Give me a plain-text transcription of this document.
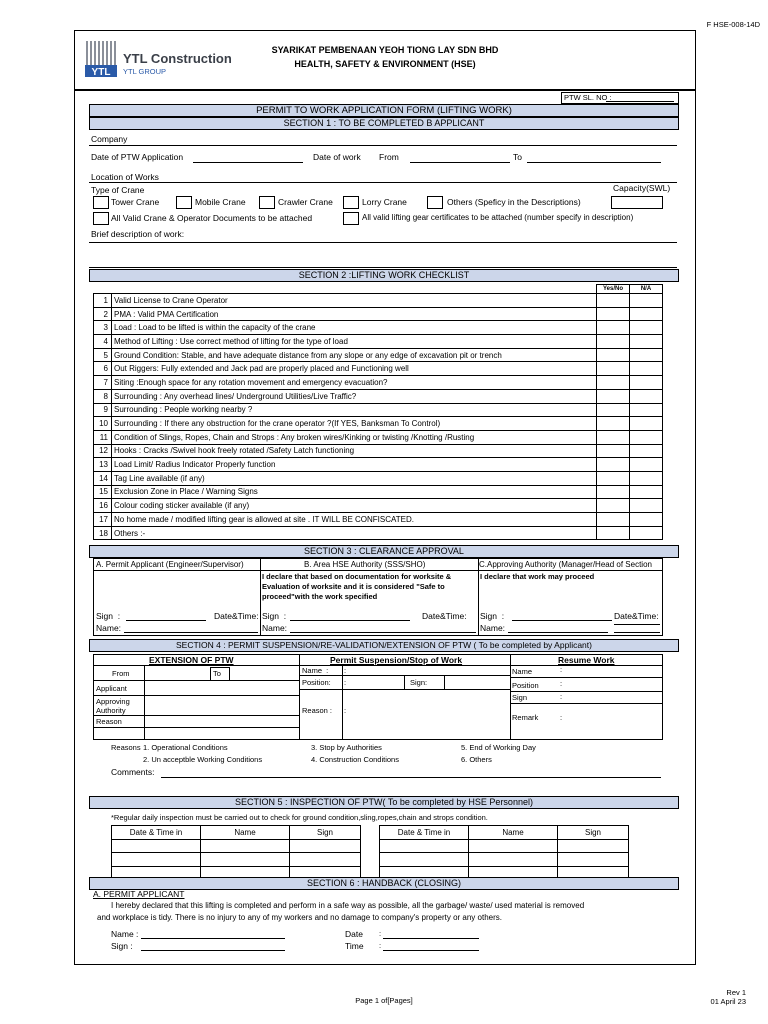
F HSE-008-14D
YTL
YTL Construction
YTL GROUP
SYARIKAT PEMBENAAN YEOH TIONG LAY SDN BHD
HEALTH, SAFETY & ENVIRONMENT (HSE)
PTW SL. NO :
PERMIT TO WORK APPLICATION FORM (LIFTING WORK)
SECTION 1 : TO BE COMPLETED B APPLICANT
Company
Date of PTW Application	Date of work From	To
Location of Works
Type of Crane	Capacity(SWL)
Tower Crane	Mobile Crane	Crawler Crane	Lorry Crane	Others (Speficy in the Descriptions)
All Valid Crane & Operator Documents to be attached	All valid lifting gear certificates to be attached (number specify in description)
Brief description of work:
SECTION 2 :LIFTING WORK CHECKLIST
		Yes/No	N/A
1	Valid License to Crane Operator		
2	PMA : Valid PMA Certification		
3	Load : Load to be lifted is within the capacity of the crane		
4	Method of Lifting : Use correct method of lifting for the type of load		
5	Ground Condition: Stable, and have adequate distance from any slope or any edge of excavation pit or trench		
6	Out Riggers: Fully extended and Jack pad are properly placed and Functioning well		
7	Siting :Enough space for any rotation movement and emergency evacuation?		
8	Surrounding : Any overhead lines/ Underground Utilities/Live Traffic?		
9	Surrounding : People working nearby ?		
10	Surrounding : If there any obstruction for the crane operator ?(If YES, Banksman To Control)		
11	Condition of Slings, Ropes, Chain and Strops : Any broken wires/Kinking or twisting /Knotting /Rusting		
12	Hooks : Cracks /Swivel hook freely rotated /Safety Latch functioning		
13	Load Limit/ Radius Indicator Properly function		
14	Tag Line available (if any)		
15	Exclusion Zone in Place / Warning Signs		
16	Colour coding sticker available (if any)		
17	No home made / modified lifting gear is allowed at site . IT WILL BE CONFISCATED.		
18	Others :-		
SECTION 3 : CLEARANCE APPROVAL
A. Permit Applicant (Engineer/Supervisor)	B. Area HSE Authority (SSS/SHO)	C.Approving Authority (Manager/Head of Section
I declare that based on documentation for worksite & Evaluation of worksite and it is considered "Safe to proceed"with the work specified
I declare that work may proceed
Sign  :	Date&Time:
Name:
Sign  :	Date&Time:
Name:
Sign  :	Date&Time:
Name:
SECTION 4 : PERMIT SUSPENSION/RE-VALIDATION/EXTENSION OF PTW ( To be completed by Applicant)
EXTENSION OF PTW	Permit Suspension/Stop of Work	Resume Work
From	To
Applicant
Approving Authority
Reason
Name  : :
Position: :	Sign:
Reason : :
Name	:
Position	:
Sign	:
Remark	:
Reasons 1. Operational Conditions
2. Un acceptble Working Conditions
3. Stop by Authorities
4. Construction Conditions
5. End of Working Day
6. Others
Comments:
SECTION 5 : INSPECTION OF PTW( To be completed by HSE Personnel)
*Regular daily inspection must be carried out to check for ground condition,sling,ropes,chain and strops condition.
Date & Time in	Name	Sign

			Date & Time in	Name	Sign

SECTION 6 : HANDBACK (CLOSING)
A. PERMIT APPLICANT
I hereby declared that this lifting is completed and perform in a safe way as possible, all the garbage/ waste/ used material is removed
and workplace is tidy. There is no injury to any of my workers and no damage to company's property or any others.
Name :
Sign :
Date :
Time :
Page 1 of[Pages]
Rev 1
01 April 23
